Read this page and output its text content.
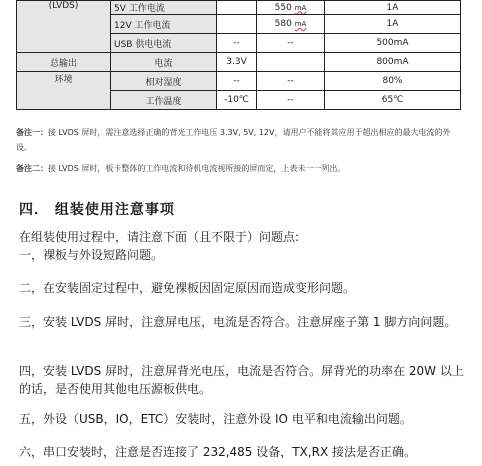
(LVDS)	5V 工作电流		550 mA	1A
	12V 工作电流		580 mA	1A
	USB 供电电流	--	--	500mA
总输出	电流	3.3V		800mA
环境	相对湿度	--	--	80%
	工作温度	-10℃	--	65℃
备注一：接 LVDS 屏时，需注意选择正确的背光工作电压 3.3V, 5V, 12V，请用户不能将其应用于超出相应的最大电流的外设。
备注二：接 LVDS 屏时，板卡整体的工作电流和待机电流视所接的屏而定，上表未一一列出。
四． 组装使用注意事项

在组装使用过程中，请注意下面（且不限于）问题点:

一，裸板与外设短路问题。

二，在安装固定过程中，避免裸板因固定原因而造成变形问题。

三，安装 LVDS 屏时，注意屏电压，电流是否符合。注意屏座子第 1 脚方向问题。

四，安装 LVDS 屏时，注意屏背光电压，电流是否符合。屏背光的功率在 20W 以上的话，是否使用其他电压源板供电。

五，外设（USB，IO，ETC）安装时，注意外设 IO 电平和电流输出问题。

六，串口安装时，注意是否连接了 232,485 设备，TX,RX 接法是否正确。
